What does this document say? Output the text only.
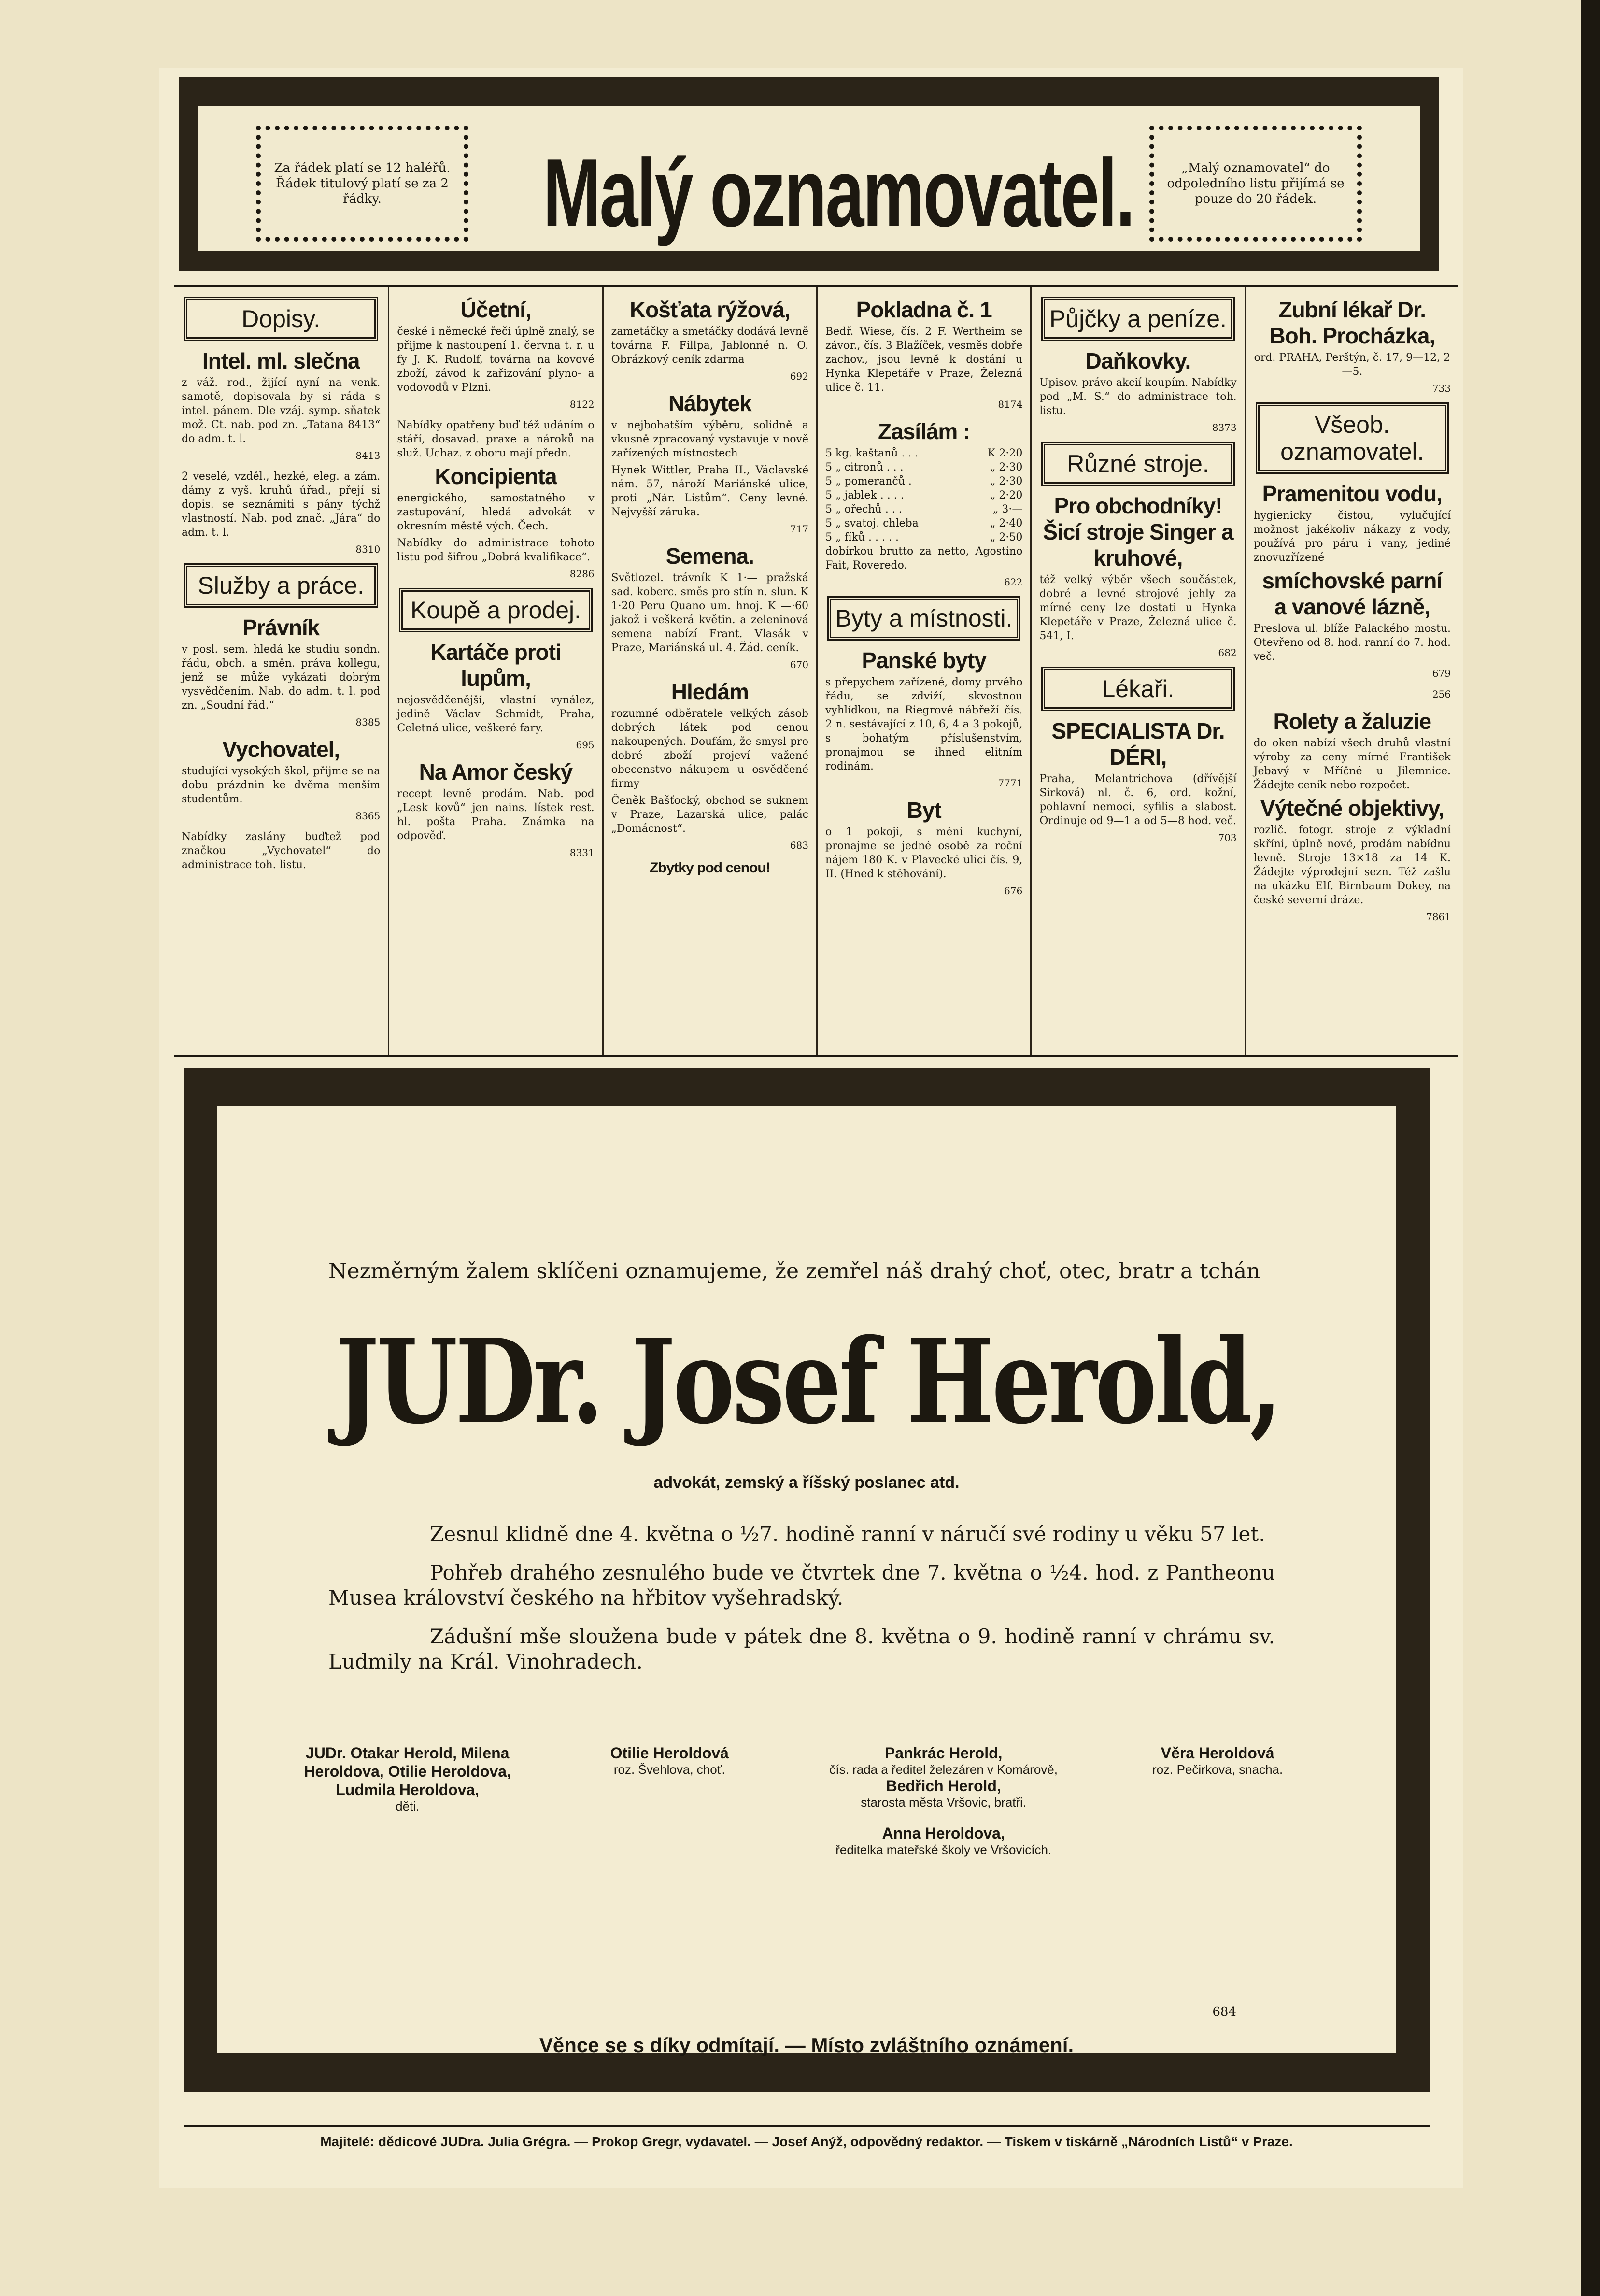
Za řádek platí se 12 haléřů. Řádek titulový platí se za 2 řádky.	Malý oznamovatel.	„Malý oznamovatel“ do odpoledního listu přijímá se pouze do 20 řádek.
Dopisy.
Intel. ml. slečna
z váž. rod., žijící nyní na venk. samotě, dopisovala by si ráda s intel. pánem. Dle vzáj. symp. sňatek mož. Ct. nab. pod zn. „Tatana 8413“ do adm. t. l.
8413
2 veselé, vzděl., hezké, eleg. a zám. dámy z vyš. kruhů úřad., přejí si dopis. se seznámiti s pány týchž vlastností. Nab. pod znač. „Jára“ do adm. t. l.
8310
Služby a práce.
Právník
v posl. sem. hledá ke studiu sondn. řádu, obch. a směn. práva kollegu, jenž se může vykázati dobrým vysvědčením. Nab. do adm. t. l. pod zn. „Soudní řád.“
8385
Vychovatel,
studující vysokých škol, přijme se na dobu prázdnin ke dvěma menším studentům.
8365
Nabídky zaslány buďtež pod značkou „Vychovatel“ do administrace toh. listu.
Účetní,
české i německé řeči úplně znalý, se přijme k nastoupení 1. června t. r. u fy J. K. Rudolf, továrna na kovové zboží, závod k zařizování plyno- a vodovodů v Plzni.
8122
Nabídky opatřeny buď též udáním o stáří, dosavad. praxe a nároků na služ. Uchaz. z oboru mají předn.
Koncipienta
energického, samostatného v zastupování, hledá advokát v okresním městě vých. Čech.
Nabídky do administrace tohoto listu pod šifrou „Dobrá kvalifikace“.
8286
Koupě a prodej.
Kartáče proti lupům,
nejosvědčenější, vlastní vynález, jedině Václav Schmidt, Praha, Celetná ulice, veškeré fary.
695
Na Amor český
recept levně prodám. Nab. pod „Lesk kovů“ jen nains. lístek rest. hl. pošta Praha. Známka na odpověď.
8331
Košťata rýžová,
zametáčky a smetáčky dodává levně továrna F. Fillpa, Jablonné n. O. Obrázkový ceník zdarma
692
Nábytek
v nejbohatším výběru, solidně a vkusně zpracovaný vystavuje v nově zařízených místnostech
Hynek Wittler, Praha II., Václavské nám. 57, nároží Mariánské ulice, proti „Nár. Listům“. Ceny levné. Nejvyšší záruka.
717
Semena.
Světlozel. trávník K 1·— pražská sad. koberc. směs pro stín n. slun. K 1·20 Peru Quano um. hnoj. K —·60 jakož i veškerá květin. a zeleninová semena nabízí Frant. Vlasák v Praze, Mariánská ul. 4. Žád. ceník.
670
Hledám
rozumné odběratele velkých zásob dobrých látek pod cenou nakoupených. Doufám, že smysl pro dobré zboží projeví važené obecenstvo nákupem u osvědčené firmy
Čeněk Bašťocký, obchod se suknem v Praze, Lazarská ulice, palác „Domácnost“.
683
Zbytky pod cenou!
Pokladna č. 1
Bedř. Wiese, čís. 2 F. Wertheim se závor., čís. 3 Blažíček, vesměs dobře zachov., jsou levně k dostání u Hynka Klepetáře v Praze, Železná ulice č. 11.
8174
Zasílám :
5 kg. kaštanů . . .	K 2·20
5 „ citronů . . .	„ 2·30
5 „ pomerančů .	„ 2·30
5 „ jablek . . . .	„ 2·20
5 „ ořechů . . .	„ 3·—
5 „ svatoj. chleba	„ 2·40
5 „ fíků . . . . .	„ 2·50
dobírkou brutto za netto, Agostino Fait, Roveredo.
622
Byty a místnosti.
Panské byty
s přepychem zařízené, domy prvého řádu, se zdviží, skvostnou vyhlídkou, na Riegrově nábřeží čís. 2 n. sestávající z 10, 6, 4 a 3 pokojů, s bohatým příslušenstvím, pronajmou se ihned elitním rodinám.
7771
Byt
o 1 pokoji, s mění kuchyní, pronajme se jedné osobě za roční nájem 180 K. v Plavecké ulici čís. 9, II. (Hned k stěhování).
676
Půjčky a peníze.
Daňkovky.
Upisov. právo akcií koupím. Nabídky pod „M. S.“ do administrace toh. listu.
8373
Různé stroje.
Pro obchodníky! Šicí stroje Singer a kruhové,
též velký výběr všech součástek, dobré a levné strojové jehly za mírné ceny lze dostati u Hynka Klepetáře v Praze, Železná ulice č. 541, I.
682
Lékaři.
SPECIALISTA Dr. DÉRI,
Praha, Melantrichova (dřívější Sirková) nl. č. 6, ord. kožní, pohlavní nemoci, syfilis a slabost. Ordinuje od 9—1 a od 5—8 hod. več.
703
Zubní lékař Dr. Boh. Procházka,
ord. PRAHA, Perštýn, č. 17, 9—12, 2—5.
733
Všeob. oznamovatel.
Pramenitou vodu,
hygienicky čistou, vylučující možnost jakékoliv nákazy z vody, používá pro páru i vany, jediné znovuzřízené
smíchovské parní a vanové lázně,
Preslova ul. blíže Palackého mostu. Otevřeno od 8. hod. ranní do 7. hod. več.
679
256
Rolety a žaluzie
do oken nabízí všech druhů vlastní výroby za ceny mírné František Jebavý v Mříčné u Jilemnice. Žádejte ceník nebo rozpočet.
Výtečné objektivy,
rozlič. fotogr. stroje z výkladní skříni, úplně nové, prodám nabídnu levně. Stroje 13×18 za 14 K. Žádejte výprodejní sezn. Též zašlu na ukázku Elf. Birnbaum Dokey, na české severní dráze.
7861
Nezměrným žalem sklíčeni oznamujeme, že zemřel náš drahý choť, otec, bratr a tchán
JUDr. Josef Herold,
advokát, zemský a říšský poslanec atd.

Zesnul klidně dne 4. května o ½7. hodině ranní v náručí své rodiny u věku 57 let.

Pohřeb drahého zesnulého bude ve čtvrtek dne 7. května o ½4. hod. z Pantheonu Musea království českého na hřbitov vyšehradský.

Zádušní mše sloužena bude v pátek dne 8. května o 9. hodině ranní v chrámu sv. Ludmily na Král. Vinohradech.

JUDr. Otakar Herold, Milena Heroldova, Otilie Heroldova, Ludmila Heroldova,
děti.
Otilie Heroldová
roz. Švehlova, choť.
Pankrác Herold,
čís. rada a ředitel železáren v Komárově,
Bedřich Herold,
starosta města Vršovic, bratři.
Anna Heroldova,
ředitelka mateřské školy ve Vršovicích.
Věra Heroldová
roz. Pečirkova, snacha.
684
Věnce se s díky odmítají. — Místo zvláštního oznámení.
Majitelé: dědicové JUDra. Julia Grégra. — Prokop Gregr, vydavatel. — Josef Anýž, odpovědný redaktor. — Tiskem v tiskárně „Národních Listů“ v Praze.
